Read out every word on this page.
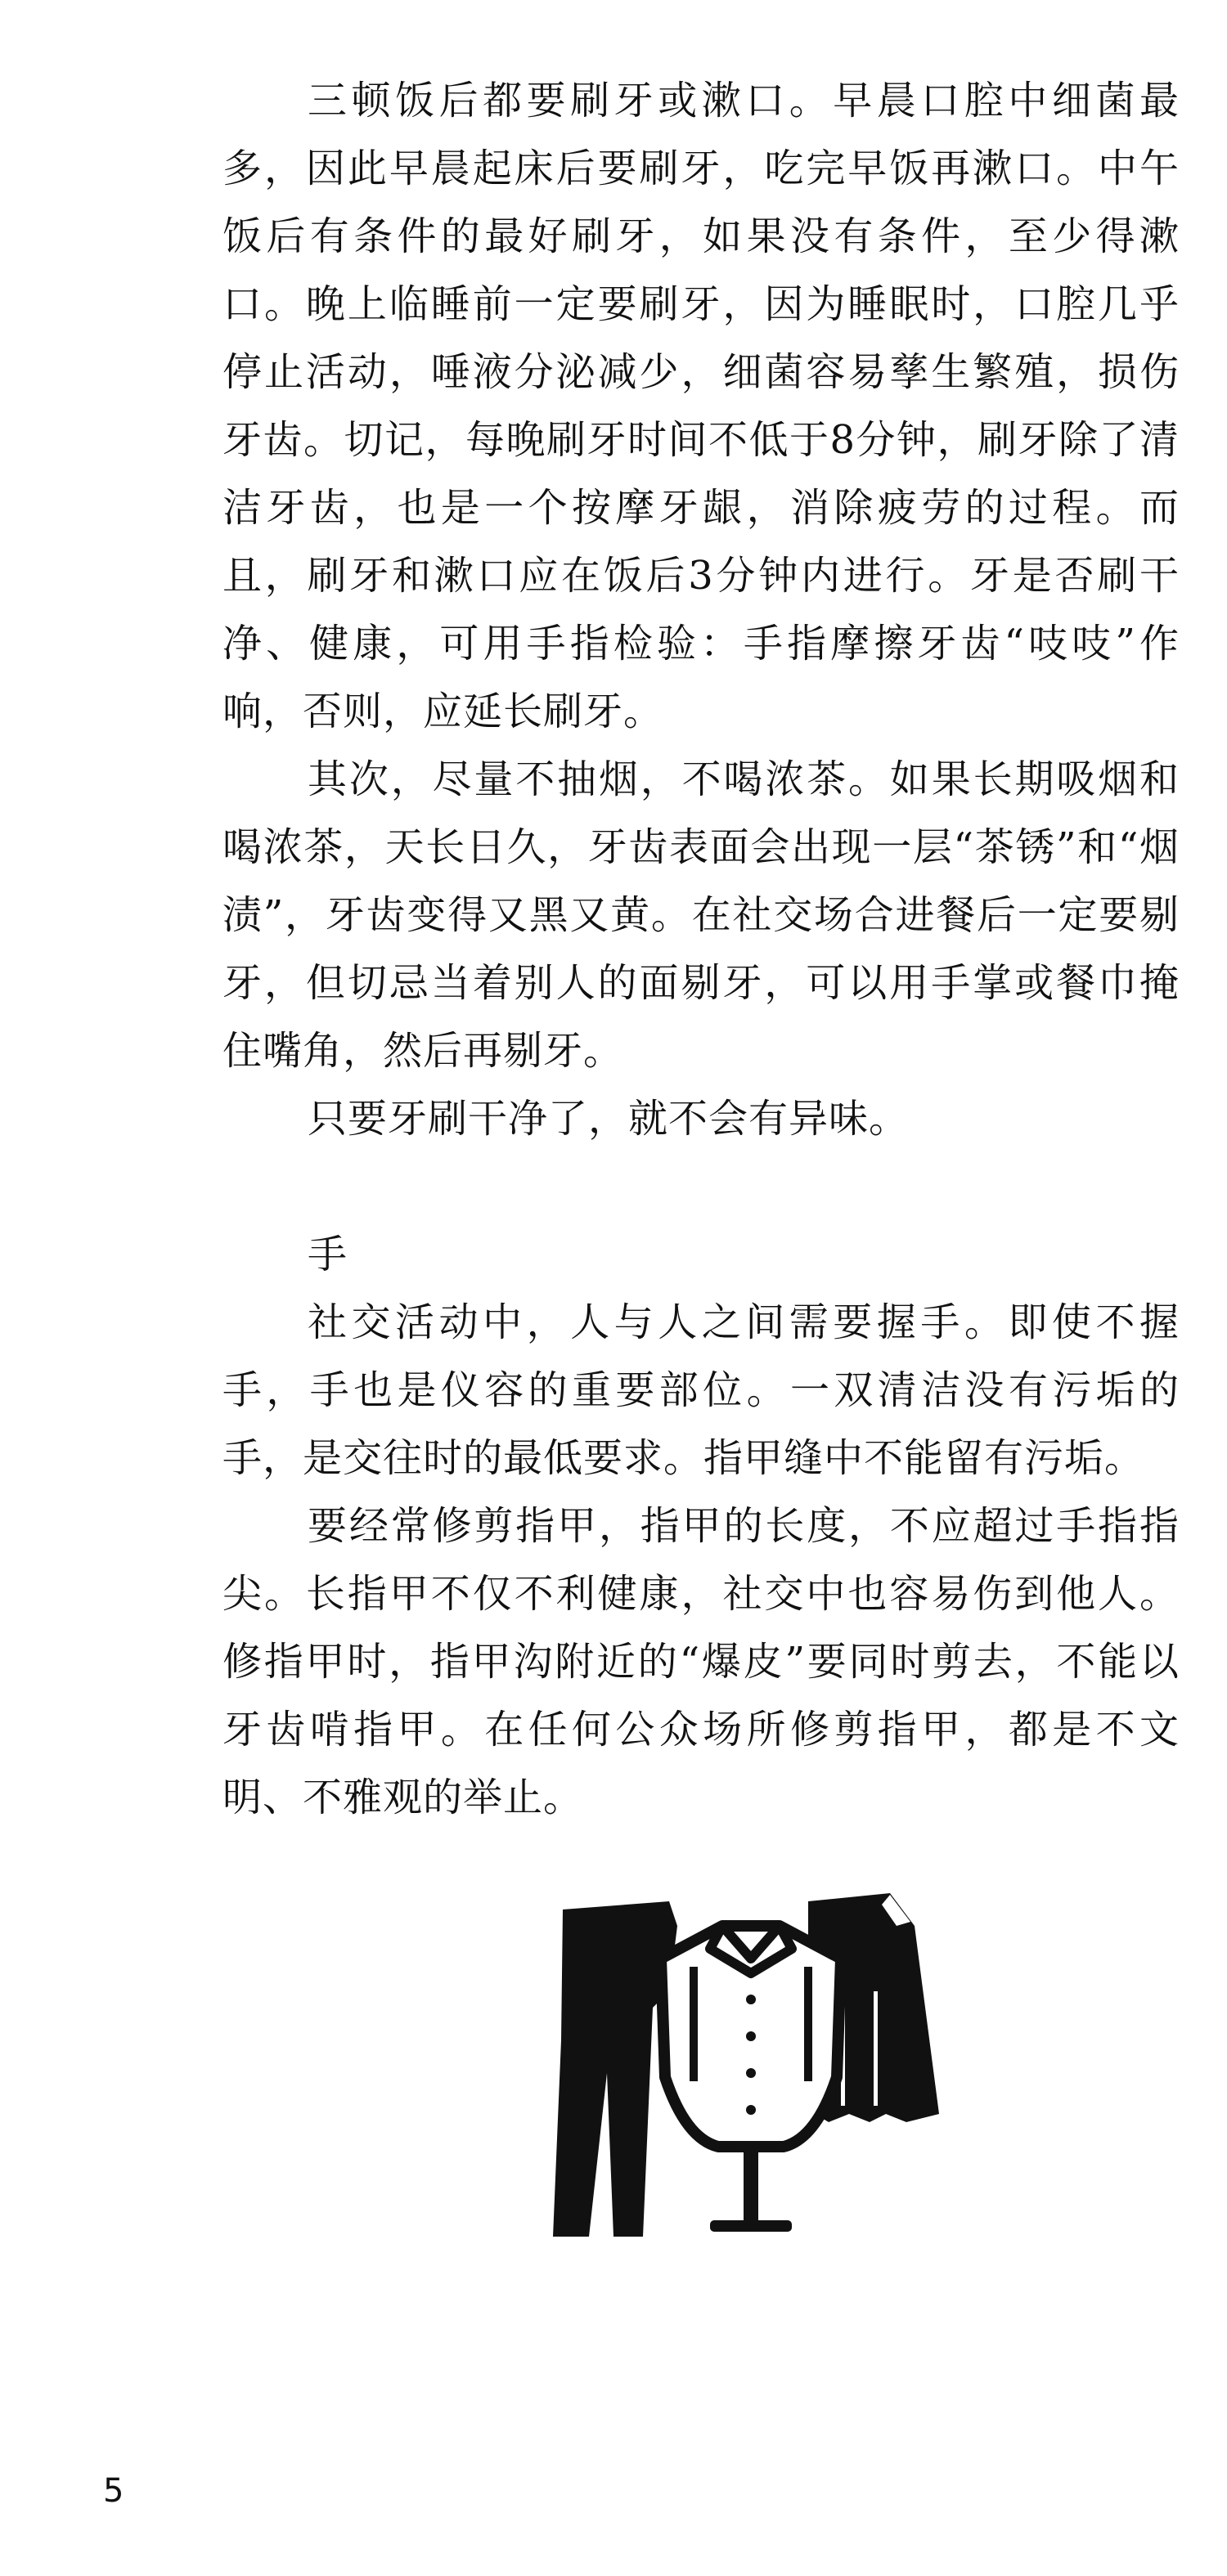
三顿饭后都要刷牙或漱口。早晨口腔中细菌最多，因此早晨起床后要刷牙，吃完早饭再漱口。中午饭后有条件的最好刷牙，如果没有条件，至少得漱口。晚上临睡前一定要刷牙，因为睡眠时，口腔几乎停止活动，唾液分泌减少，细菌容易孳生繁殖，损伤牙齿。切记，每晚刷牙时间不低于8分钟，刷牙除了清洁牙齿，也是一个按摩牙龈，消除疲劳的过程。而且，刷牙和漱口应在饭后3分钟内进行。牙是否刷干净、健康，可用手指检验：手指摩擦牙齿“吱吱”作响，否则，应延长刷牙。

其次，尽量不抽烟，不喝浓茶。如果长期吸烟和喝浓茶，天长日久，牙齿表面会出现一层“茶锈”和“烟渍”，牙齿变得又黑又黄。在社交场合进餐后一定要剔牙，但切忌当着别人的面剔牙，可以用手掌或餐巾掩住嘴角，然后再剔牙。

只要牙刷干净了，就不会有异味。

手

社交活动中，人与人之间需要握手。即使不握手，手也是仪容的重要部位。一双清洁没有污垢的手，是交往时的最低要求。指甲缝中不能留有污垢。

要经常修剪指甲，指甲的长度，不应超过手指指尖。长指甲不仅不利健康，社交中也容易伤到他人。修指甲时，指甲沟附近的“爆皮”要同时剪去，不能以牙齿啃指甲。在任何公众场所修剪指甲，都是不文明、不雅观的举止。

5
